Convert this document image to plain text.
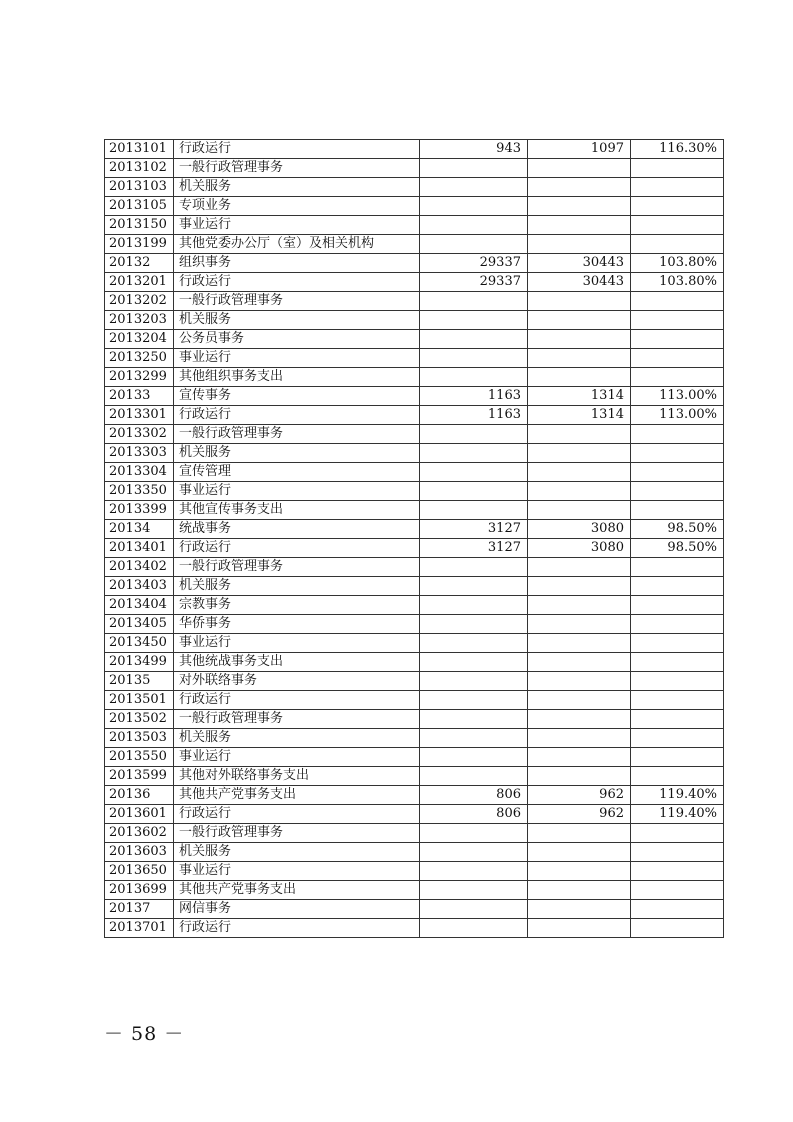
2013101	行政运行	943	1097	116.30%
2013102	一般行政管理事务			
2013103	机关服务			
2013105	专项业务			
2013150	事业运行			
2013199	其他党委办公厅（室）及相关机构			
20132	组织事务	29337	30443	103.80%
2013201	行政运行	29337	30443	103.80%
2013202	一般行政管理事务			
2013203	机关服务			
2013204	公务员事务			
2013250	事业运行			
2013299	其他组织事务支出			
20133	宣传事务	1163	1314	113.00%
2013301	行政运行	1163	1314	113.00%
2013302	一般行政管理事务			
2013303	机关服务			
2013304	宣传管理			
2013350	事业运行			
2013399	其他宣传事务支出			
20134	统战事务	3127	3080	98.50%
2013401	行政运行	3127	3080	98.50%
2013402	一般行政管理事务			
2013403	机关服务			
2013404	宗教事务			
2013405	华侨事务			
2013450	事业运行			
2013499	其他统战事务支出			
20135	对外联络事务			
2013501	行政运行			
2013502	一般行政管理事务			
2013503	机关服务			
2013550	事业运行			
2013599	其他对外联络事务支出			
20136	其他共产党事务支出	806	962	119.40%
2013601	行政运行	806	962	119.40%
2013602	一般行政管理事务			
2013603	机关服务			
2013650	事业运行			
2013699	其他共产党事务支出			
20137	网信事务			
2013701	行政运行			
－ 58 －
